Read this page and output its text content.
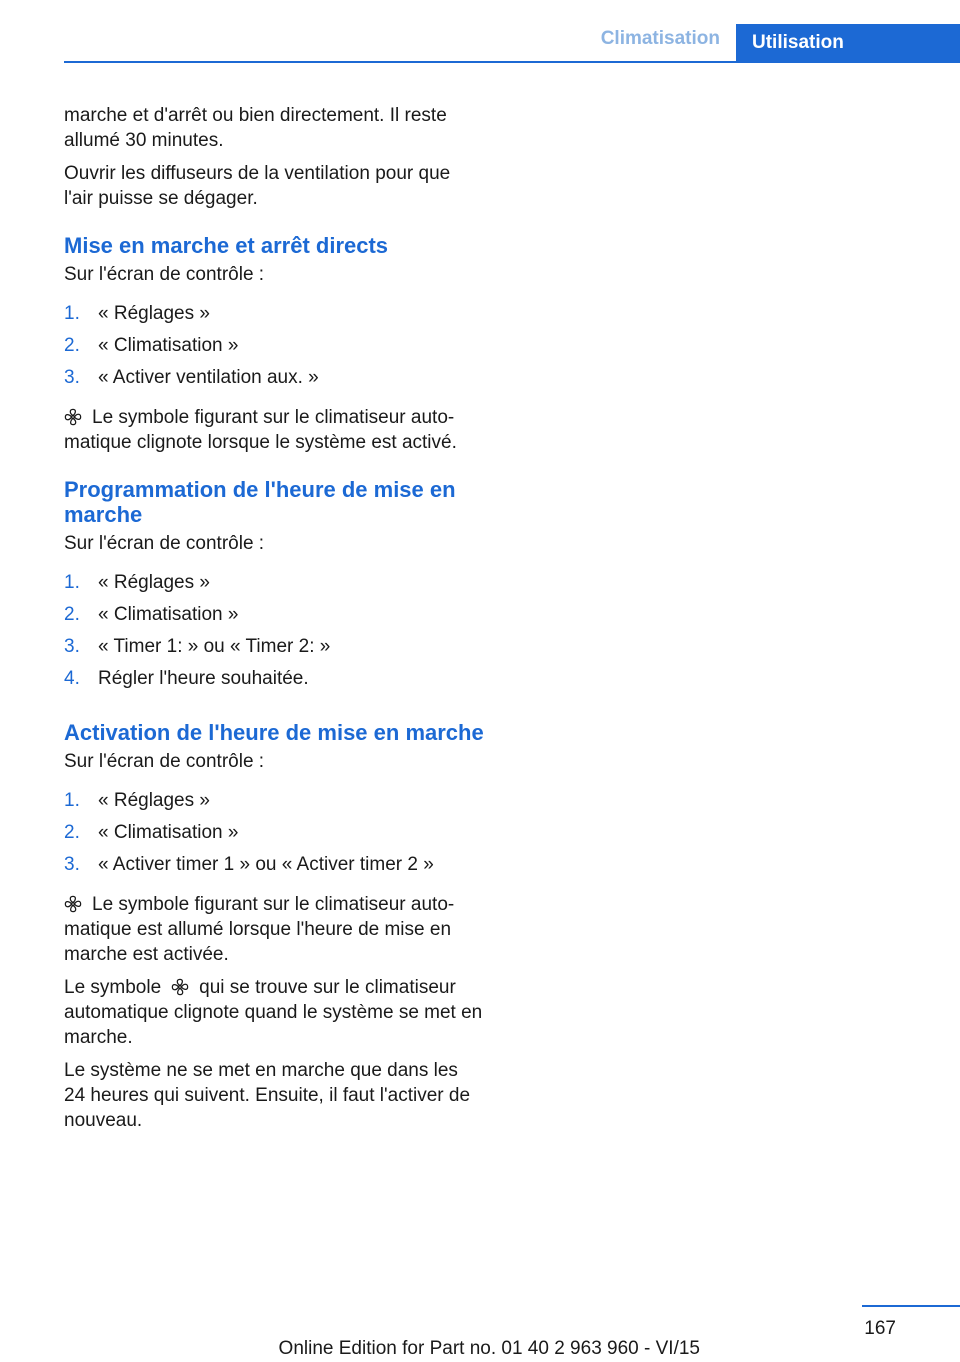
Climatisation	Utilisation

marche et d'arrêt ou bien directement. Il reste allumé 30 minutes.

Ouvrir les diffuseurs de la ventilation pour que l'air puisse se dégager.

Mise en marche et arrêt directs

Sur l'écran de contrôle :

1. « Réglages »
2. « Climatisation »
3. « Activer ventilation aux. »

Le symbole figurant sur le climatiseur automatique clignote lorsque le système est activé.

Programmation de l'heure de mise en marche

Sur l'écran de contrôle :

1. « Réglages »
2. « Climatisation »
3. « Timer 1: » ou « Timer 2: »
4. Régler l'heure souhaitée.
Activation de l'heure de mise en marche

Sur l'écran de contrôle :

1. « Réglages »
2. « Climatisation »
3. « Activer timer 1 » ou « Activer timer 2 »

Le symbole figurant sur le climatiseur automatique est allumé lorsque l'heure de mise en marche est activée.

Le symbole qui se trouve sur le climatiseur automatique clignote quand le système se met en marche.

Le système ne se met en marche que dans les 24 heures qui suivent. Ensuite, il faut l'activer de nouveau.

167
Online Edition for Part no. 01 40 2 963 960 - VI/15
